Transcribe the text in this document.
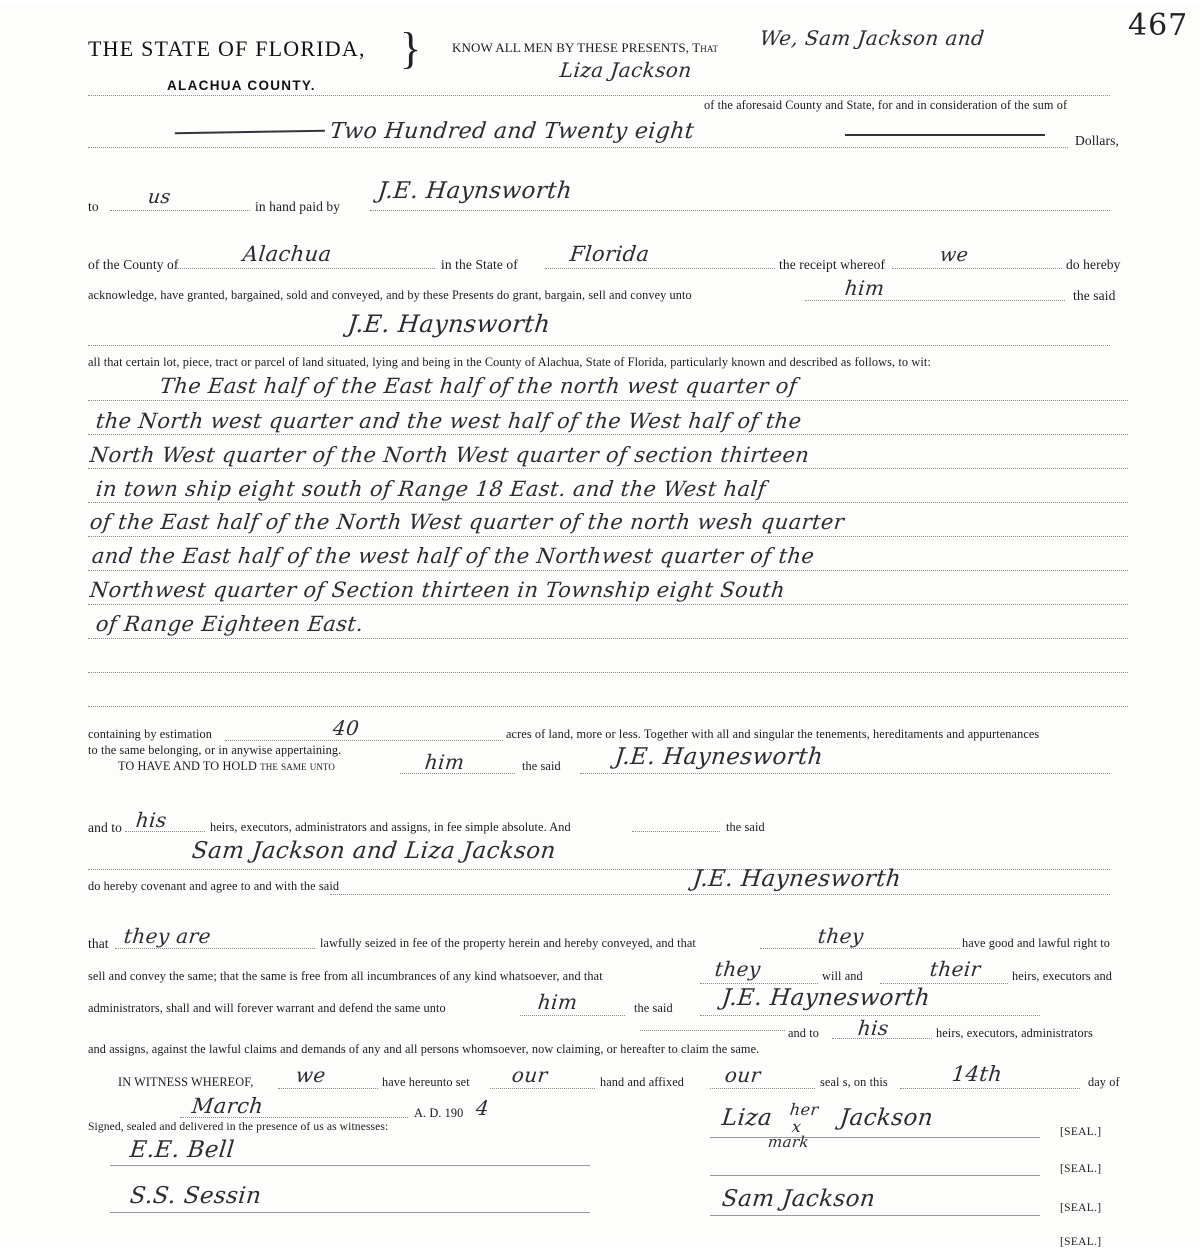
467
THE STATE OF FLORIDA, }
ALACHUA COUNTY.
KNOW ALL MEN BY THESE PRESENTS, That We, Sam Jackson and
Liza Jackson
of the aforesaid County and State, for and in consideration of the sum of
Two Hundred and Twenty eight	Dollars,
to	us	in hand paid by
J.E. Haynsworth
of the County of	Alachua	in the State of Florida	the receipt whereof	we	do hereby
acknowledge, have granted, bargained, sold and conveyed, and by these Presents do grant, bargain, sell and convey unto	him	the said
J.E. Haynsworth
all that certain lot, piece, tract or parcel of land situated, lying and being in the County of Alachua, State of Florida, particularly known and described as follows, to wit:
The East half of the East half of the north west quarter of
the North west quarter and the west half of the West half of the
North West quarter of the North West quarter of section thirteen
in town ship eight south of Range 18 East. and the West half
of the East half of the North West quarter of the north wesh quarter
and the East half of the west half of the Northwest quarter of the
Northwest quarter of Section thirteen in Township eight South
of Range Eighteen East.
containing by estimation	40	acres of land, more or less. Together with all and singular the tenements, hereditaments and appurtenances
to the same belonging, or in anywise appertaining.
TO HAVE AND TO HOLD the same unto	him	the said J.E. Haynesworth
and to his	heirs, executors, administrators and assigns, in fee simple absolute. And	the said
Sam Jackson and Liza Jackson
do hereby covenant and agree to and with the said	J.E. Haynesworth
that they are	lawfully seized in fee of the property herein and hereby conveyed, and that	they	have good and lawful right to
sell and convey the same; that the same is free from all incumbrances of any kind whatsoever, and that	they	will and	their heirs, executors and
administrators, shall and will forever warrant and defend the same unto	him	the said J.E. Haynesworth
and to his	heirs, executors, administrators
and assigns, against the lawful claims and demands of any and all persons whomsoever, now claiming, or hereafter to claim the same.
IN WITNESS WHEREOF, we	have hereunto set our	hand and affixed our	seal s, on this	14th	day of
March	A. D. 190 4
Signed, sealed and delivered in the presence of us as witnesses:
E.E. Bell
S.S. Sessin
Liza her
x
mark
Jackson
[SEAL.]
[SEAL.]
Sam Jackson	[SEAL.]
[SEAL.]
